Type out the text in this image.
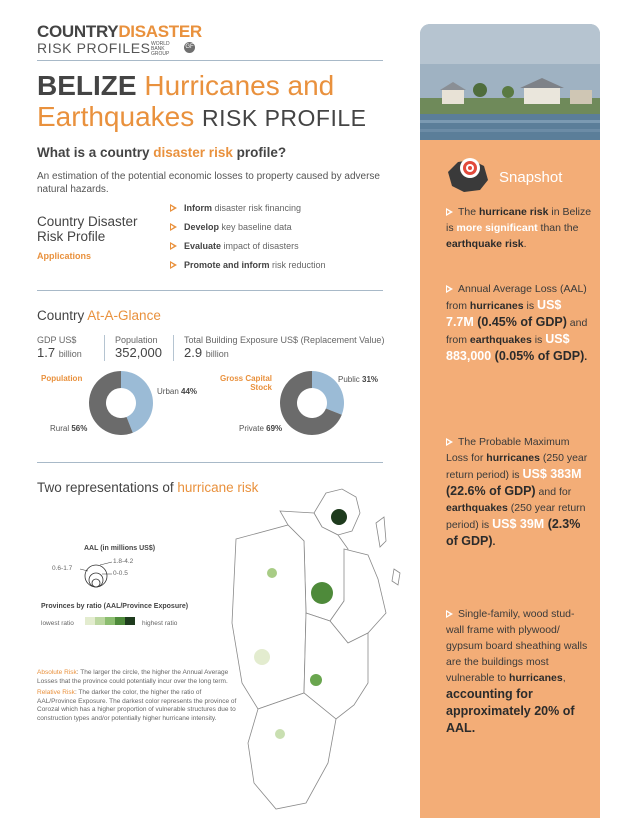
COUNTRYDISASTER
RISK PROFILES WORLD BANK GROUP
GF
BELIZE Hurricanes and Earthquakes RISK PROFILE
What is a country disaster risk profile?
An estimation of the potential economic losses to property caused by adverse natural hazards.
Country Disaster Risk Profile
Applications
Inform disaster risk financing
Develop key baseline data
Evaluate impact of disasters
Promote and inform risk reduction
Country At-A-Glance
GDP US$
1.7 billion
Population
352,000
Total Building Exposure US$ (Replacement Value)
2.9 billion
Population
Urban 44%
Rural 56%
Gross Capital Stock
Public 31%
Private 69%
Two representations of hurricane risk
AAL (in millions US$)
1.8-4.2
0.6-1.7
0-0.5
Provinces by ratio (AAL/Province Exposure)
lowest ratio	highest ratio
Absolute Risk: The larger the circle, the higher the Annual Average Losses that the province could potentially incur over the long term.
Relative Risk: The darker the color, the higher the ratio of AAL/Province Exposure. The darkest color represents the province of Corozal which has a higher proportion of vulnerable structures due to construction types and/or potentially higher hurricane intensity.
Snapshot
The hurricane risk in Belize is more significant than the earthquake risk.
Annual Average Loss (AAL) from hurricanes is US$ 7.7M (0.45% of GDP) and from earthquakes is US$ 883,000 (0.05% of GDP).
The Probable Maximum Loss for hurricanes (250 year return period) is US$ 383M (22.6% of GDP) and for earthquakes (250 year return period) is US$ 39M (2.3% of GDP).
Single-family, wood stud-wall frame with plywood/ gypsum board sheathing walls are the buildings most vulnerable to hurricanes, accounting for approximately 20% of AAL.
